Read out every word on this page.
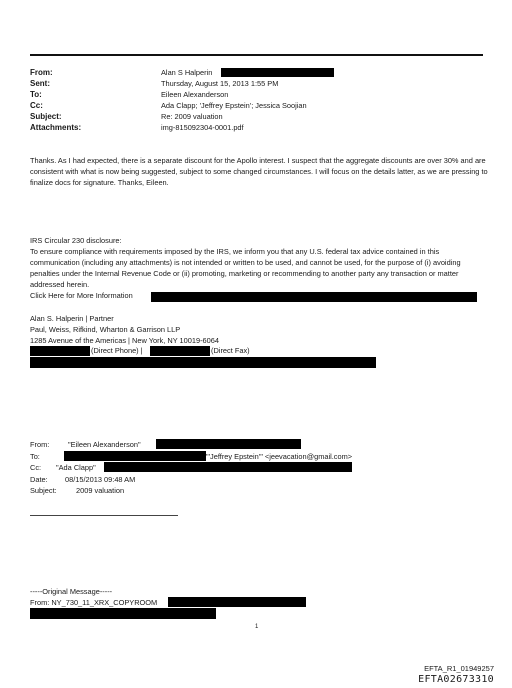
From:	Alan S Halperin
Sent:	Thursday, August 15, 2013 1:55 PM
To:	Eileen Alexanderson
Cc:	Ada Clapp; 'Jeffrey Epstein'; Jessica Soojian
Subject:	Re: 2009 valuation
Attachments:	img-815092304-0001.pdf
Thanks. As I had expected, there is a separate discount for the Apollo interest. I suspect that the aggregate discounts are over 30% and are consistent with what is now being suggested, subject to some changed circumstances. I will focus on the details latter, as we are pressing to finalize docs for signature. Thanks, Eileen.
IRS Circular 230 disclosure:
To ensure compliance with requirements imposed by the IRS, we inform you that any U.S. federal tax advice contained in this communication (including any attachments) is not intended or written to be used, and cannot be used, for the purpose of (i) avoiding penalties under the Internal Revenue Code or (ii) promoting, marketing or recommending to another party any transaction or matter addressed herein.
Click Here for More Information
Alan S. Halperin | Partner
Paul, Weiss, Rifkind, Wharton & Garrison LLP
1285 Avenue of the Americas | New York, NY 10019-6064
(Direct Phone) |	(Direct Fax)
From:	"Eileen Alexanderson"
To:	"'Jeffrey Epstein'" <jeevacation@gmail.com>
Cc: "Ada Clapp"
Date: 08/15/2013 09:48 AM
Subject:	2009 valuation
-----Original Message-----
From: NY_730_11_XRX_COPYROOM
1
EFTA_R1_01949257
EFTA02673310
